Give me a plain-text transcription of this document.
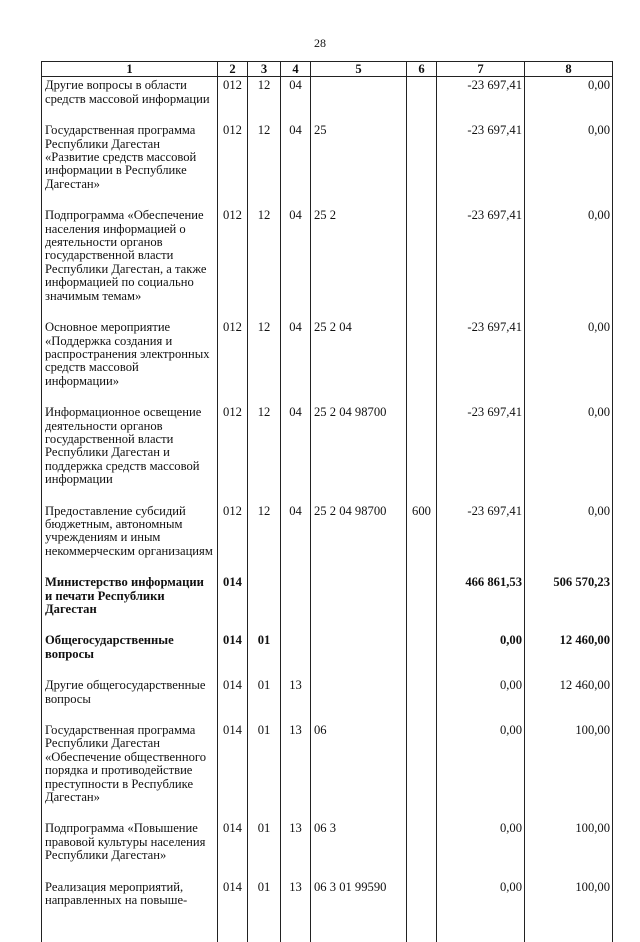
28
1	2	3	4	5	6	7	8
Другие вопросы в области средств массовой информации	012	12	04			-23 697,41	0,00
Государственная программа Республики Дагестан «Развитие средств массовой информации в Республике Дагестан»	012	12	04	25		-23 697,41	0,00
Подпрограмма «Обеспечение населения информацией о деятельности органов государственной власти Республики Дагестан, а также информацией по социально значимым темам»	012	12	04	25 2		-23 697,41	0,00
Основное мероприятие «Поддержка создания и распространения электронных средств массовой информации»	012	12	04	25 2 04		-23 697,41	0,00
Информационное освещение деятельности органов государственной власти Республики Дагестан и поддержка средств массовой информации	012	12	04	25 2 04 98700		-23 697,41	0,00
Предоставление субсидий бюджетным, автономным учреждениям и иным некоммерческим организациям	012	12	04	25 2 04 98700	600	-23 697,41	0,00
Министерство информации и печати Республики Дагестан	014					466 861,53	506 570,23
Общегосударственные вопросы	014	01				0,00	12 460,00
Другие общегосударственные вопросы	014	01	13			0,00	12 460,00
Государственная программа Республики Дагестан «Обеспечение общественного порядка и противодействие преступности в Республике Дагестан»	014	01	13	06		0,00	100,00
Подпрограмма «Повышение правовой культуры населения Республики Дагестан»	014	01	13	06 3		0,00	100,00
Реализация мероприятий, направленных на повыше-	014	01	13	06 3 01 99590		0,00	100,00
